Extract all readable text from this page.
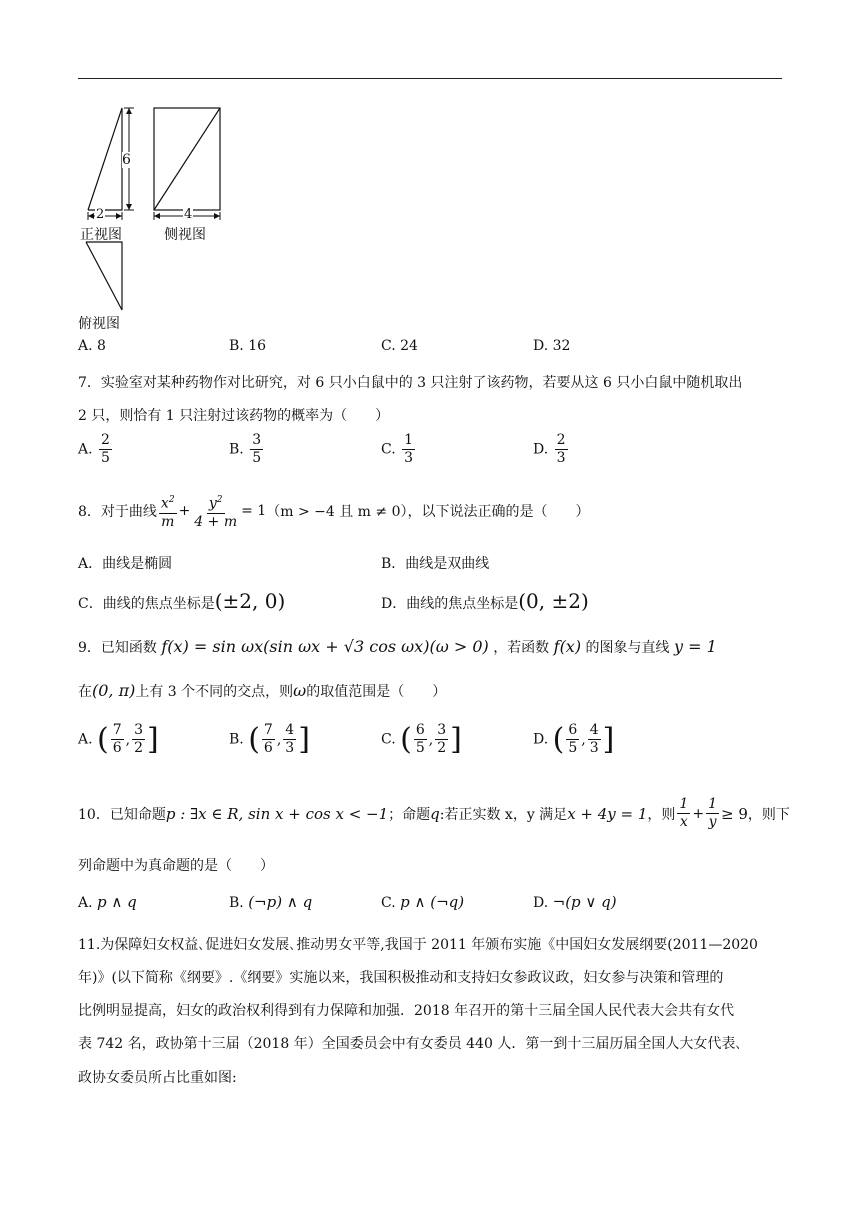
6
2	4
正视图	侧视图
俯视图
A. 8	B. 16	C. 24	D. 32

7．实验室对某种药物作对比研究，对 6 只小白鼠中的 3 只注射了该药物，若要从这 6 只小白鼠中随机取出

2 只，则恰有 1 只注射过该药物的概率为（　　）

A. $\frac{2}{5}$	B. $\frac{3}{5}$	C. $\frac{1}{3}$	D. $\frac{2}{3}$
8．对于曲线 $\frac{x^2}{m} + \frac{y^2}{4 + m} = 1$ （m > −4 且 m ≠ 0），以下说法正确的是（　　）
A．曲线是椭圆	B．曲线是双曲线
C．曲线的焦点坐标是(±2, 0)	D．曲线的焦点坐标是(0, ±2)
9．已知函数 f(x) = sin ωx(sin ωx + √3 cos ωx)(ω > 0) ，若函数 f(x) 的图象与直线 y = 1
在(0, π)上有 3 个不同的交点，则ω的取值范围是（　　）
A. ( $\frac{7}{6}$ , $\frac{3}{2}$ ]	B. ( $\frac{7}{6}$ , $\frac{4}{3}$ ]	C. ( $\frac{6}{5}$ , $\frac{3}{2}$ ]	D. ( $\frac{6}{5}$ , $\frac{4}{3}$ ]
10．已知命题 p : ∃x ∈ R, sin x + cos x < −1 ；命题 q :若正实数 x，y 满足 x + 4y = 1 ，则 $\frac{1}{x} + \frac{1}{y} \ge 9$ ，则下

列命题中为真命题的是（　　）

A. p ∧ q	B. (¬p) ∧ q	C. p ∧ (¬q)	D. ¬(p ∨ q)

11.为保障妇女权益､促进妇女发展､推动男女平等,我国于 2011 年颁布实施《中国妇女发展纲要(2011—2020

年)》(以下简称《纲要》.《纲要》实施以来，我国积极推动和支持妇女参政议政，妇女参与决策和管理的

比例明显提高，妇女的政治权利得到有力保障和加强．2018 年召开的第十三届全国人民代表大会共有女代

表 742 名，政协第十三届（2018 年）全国委员会中有女委员 440 人．第一到十三届历届全国人大女代表､

政协女委员所占比重如图:
